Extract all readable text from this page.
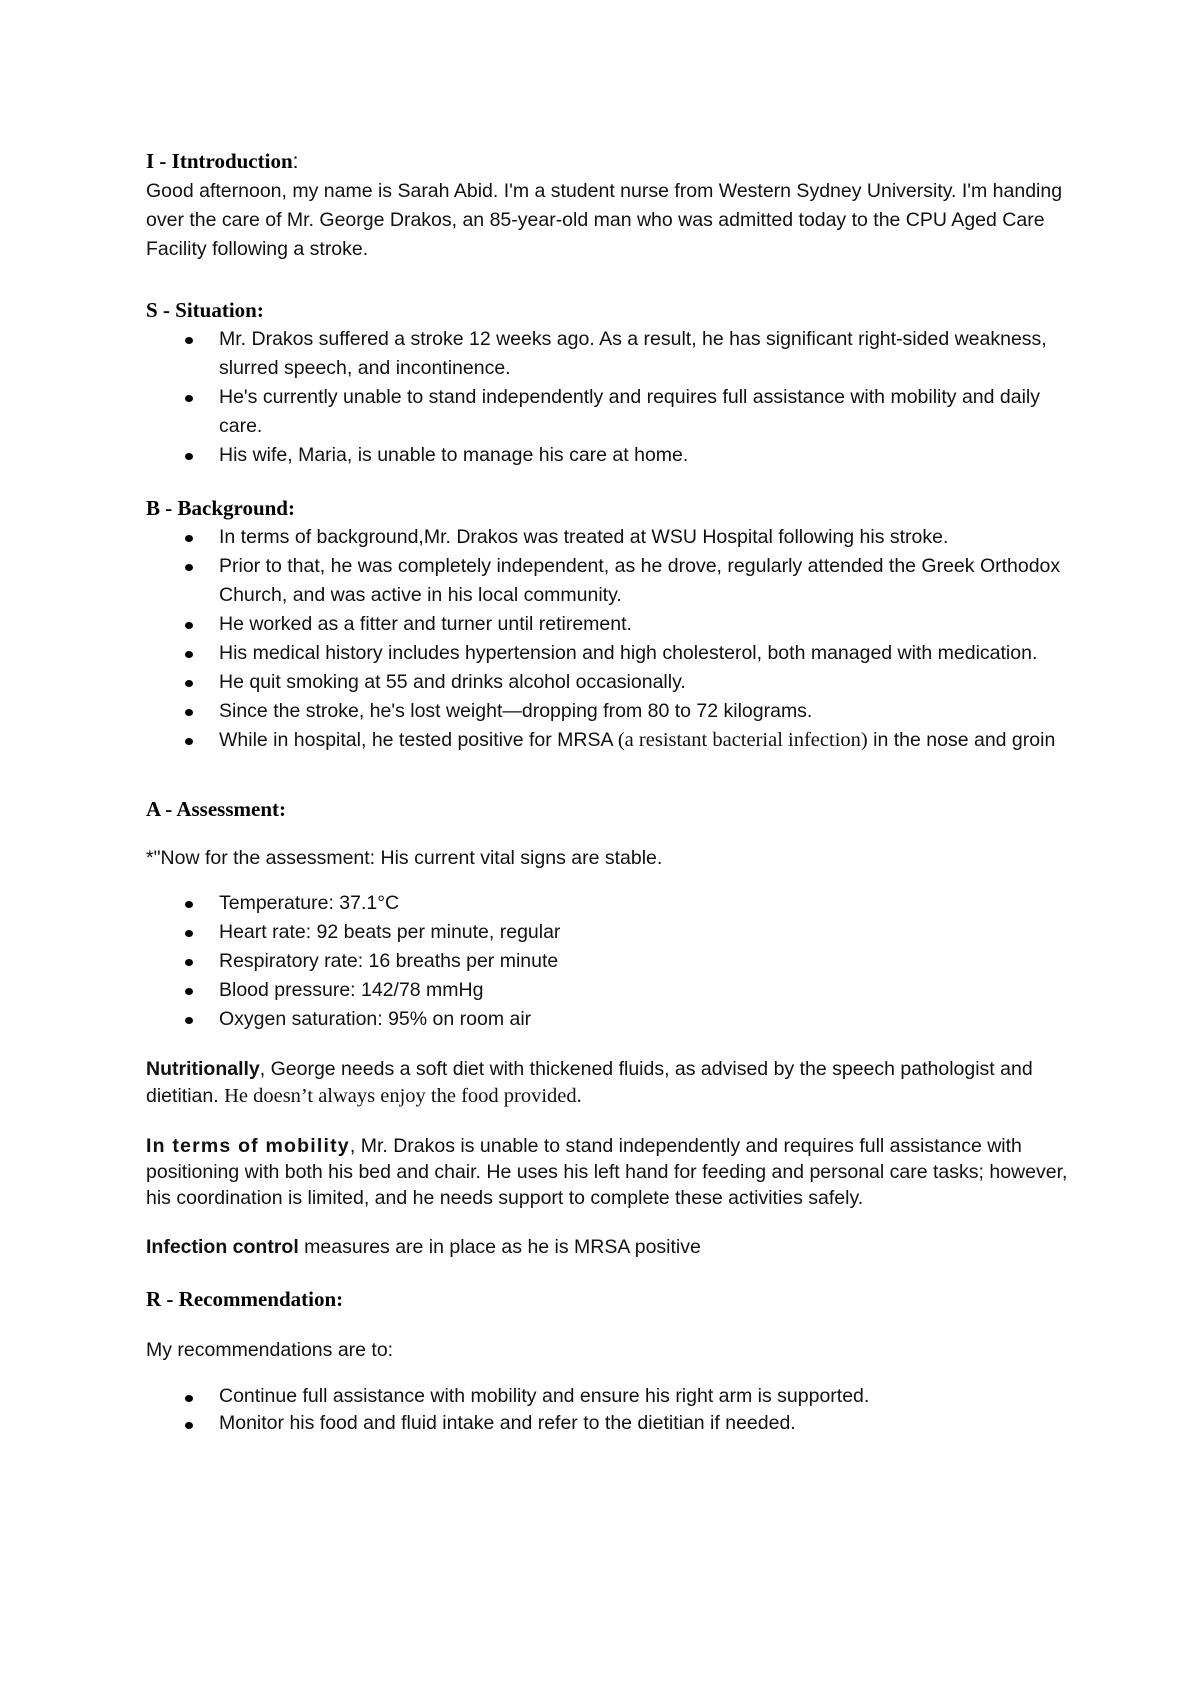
I - Itntroduction:

Good afternoon, my name is Sarah Abid. I'm a student nurse from Western Sydney University. I'm handing over the care of Mr. George Drakos, an 85-year-old man who was admitted today to the CPU Aged Care Facility following a stroke.

S - Situation:
Mr. Drakos suffered a stroke 12 weeks ago. As a result, he has significant right-sided weakness, slurred speech, and incontinence.
He's currently unable to stand independently and requires full assistance with mobility and daily care.
His wife, Maria, is unable to manage his care at home.
B - Background:
In terms of background,Mr. Drakos was treated at WSU Hospital following his stroke.
Prior to that, he was completely independent, as he drove, regularly attended the Greek Orthodox Church, and was active in his local community.
He worked as a fitter and turner until retirement.
His medical history includes hypertension and high cholesterol, both managed with medication.
He quit smoking at 55 and drinks alcohol occasionally.
Since the stroke, he's lost weight—dropping from 80 to 72 kilograms.
While in hospital, he tested positive for MRSA (a resistant bacterial infection) in the nose and groin
A - Assessment:

*"Now for the assessment: His current vital signs are stable.

Temperature: 37.1°C
Heart rate: 92 beats per minute, regular
Respiratory rate: 16 breaths per minute
Blood pressure: 142/78 mmHg
Oxygen saturation: 95% on room air

Nutritionally, George needs a soft diet with thickened fluids, as advised by the speech pathologist and dietitian. He doesn’t always enjoy the food provided.

In terms of mobility, Mr. Drakos is unable to stand independently and requires full assistance with positioning with both his bed and chair. He uses his left hand for feeding and personal care tasks; however, his coordination is limited, and he needs support to complete these activities safely.

Infection control measures are in place as he is MRSA positive

R - Recommendation:

My recommendations are to:

Continue full assistance with mobility and ensure his right arm is supported.
Monitor his food and fluid intake and refer to the dietitian if needed.
